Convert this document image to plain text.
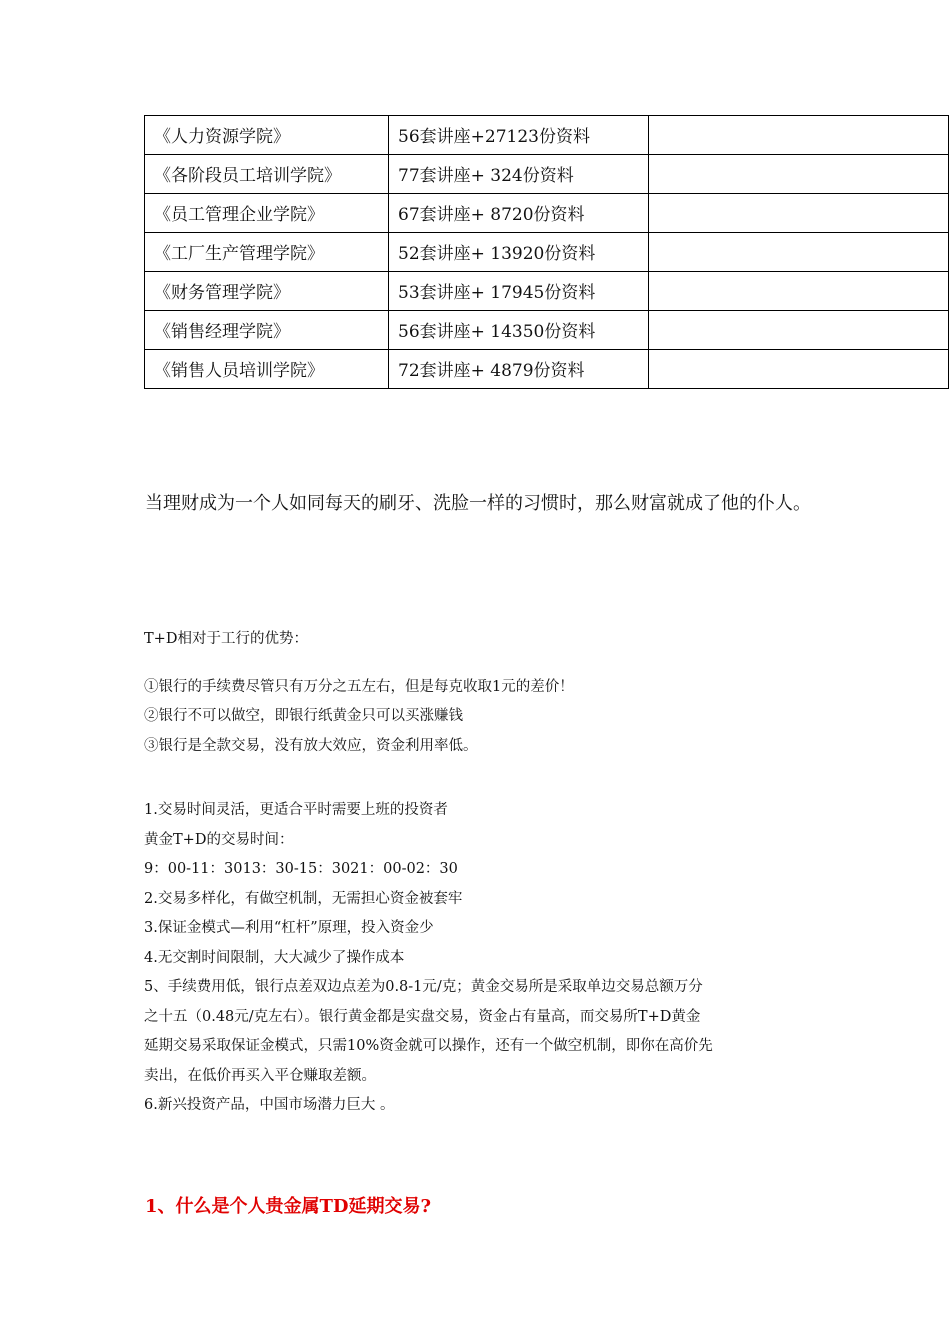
《人力资源学院》	56套讲座+27123份资料	
《各阶段员工培训学院》	77套讲座+ 324份资料	
《员工管理企业学院》	67套讲座+ 8720份资料	
《工厂生产管理学院》	52套讲座+ 13920份资料	
《财务管理学院》	53套讲座+ 17945份资料	
《销售经理学院》	56套讲座+ 14350份资料	
《销售人员培训学院》	72套讲座+ 4879份资料	
当理财成为一个人如同每天的刷牙、洗脸一样的习惯时，那么财富就成了他的仆人。
T+D相对于工行的优势：
①银行的手续费尽管只有万分之五左右，但是每克收取1元的差价！
②银行不可以做空，即银行纸黄金只可以买涨赚钱
③银行是全款交易，没有放大效应，资金利用率低。
1.交易时间灵活，更适合平时需要上班的投资者
黄金T+D的交易时间：
9：00-11：3013：30-15：3021：00-02：30
2.交易多样化，有做空机制，无需担心资金被套牢
3.保证金模式—利用“杠杆”原理，投入资金少
4.无交割时间限制，大大减少了操作成本
5、手续费用低，银行点差双边点差为0.8-1元/克；黄金交易所是采取单边交易总额万分
之十五（0.48元/克左右）。银行黄金都是实盘交易，资金占有量高，而交易所T+D黄金
延期交易采取保证金模式，只需10%资金就可以操作，还有一个做空机制，即你在高价先
卖出，在低价再买入平仓赚取差额。
6.新兴投资产品，中国市场潜力巨大 。
1、什么是个人贵金属TD延期交易?
